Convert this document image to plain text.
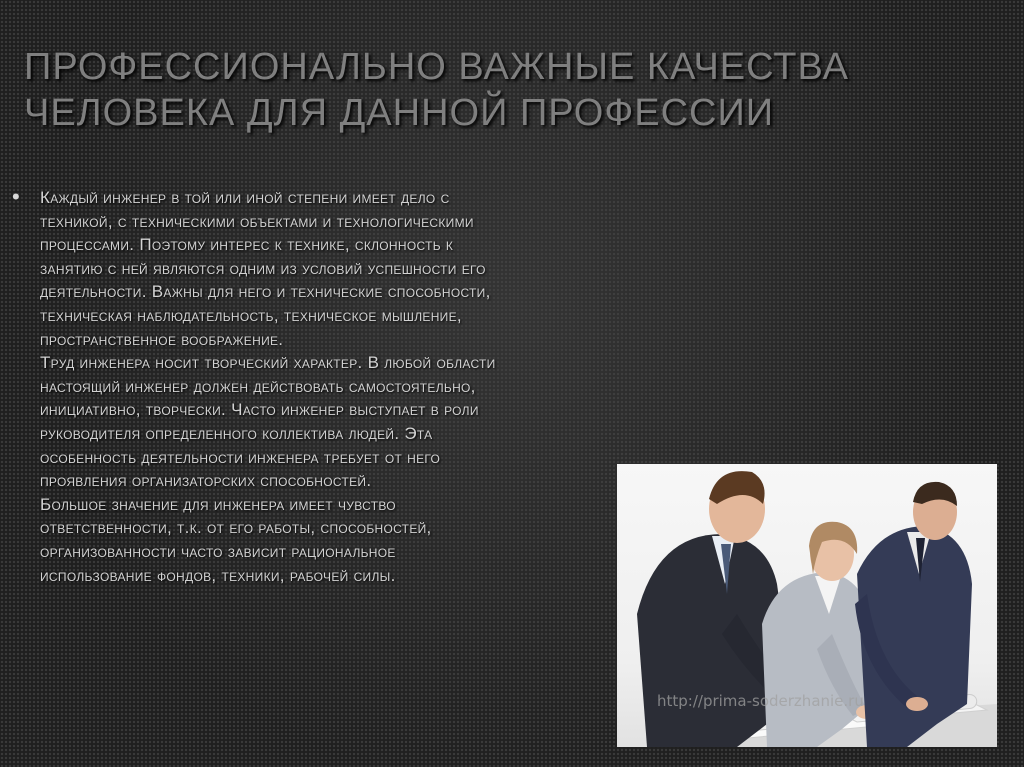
ПРОФЕССИОНАЛЬНО ВАЖНЫЕ КАЧЕСТВА
ЧЕЛОВЕКА ДЛЯ ДАННОЙ ПРОФЕССИИ
• Каждый инженер в той или иной степени имеет дело с
техникой, с техническими объектами и технологическими
процессами. Поэтому интерес к технике, склонность к
занятию с ней являются одним из условий успешности его
деятельности. Важны для него и технические способности,
техническая наблюдательность, техническое мышление,
пространственное воображение.
Труд инженера носит творческий характер. В любой области
настоящий инженер должен действовать самостоятельно,
инициативно, творчески. Часто инженер выступает в роли
руководителя определенного коллектива людей. Эта
особенность деятельности инженера требует от него
проявления организаторских способностей.
Большое значение для инженера имеет чувство
ответственности, т.к. от его работы, способностей,
организованности часто зависит рациональное
использование фондов, техники, рабочей силы.
http://prima-soderzhanie.ru
